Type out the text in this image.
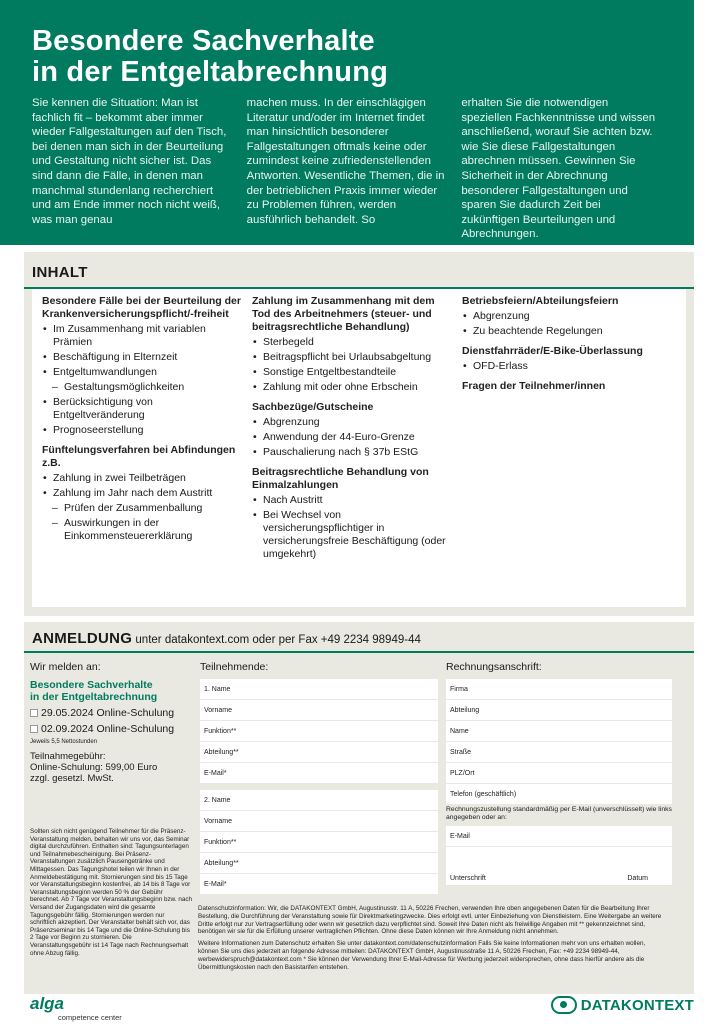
Besondere Sachverhalte
in der Entgeltabrechnung

Sie kennen die Situation: Man ist fachlich fit – bekommt aber immer wieder Fallgestaltungen auf den Tisch, bei denen man sich in der Beurteilung und Gestaltung nicht sicher ist. Das sind dann die Fälle, in denen man manchmal stundenlang recherchiert und am Ende immer noch nicht weiß, was man genau

machen muss. In der einschlägigen Literatur und/oder im Internet findet man hinsichtlich besonderer Fallgestaltungen oftmals keine oder zumindest keine zufriedenstellenden Antworten. Wesentliche Themen, die in der betrieblichen Praxis immer wieder zu Problemen führen, werden ausführlich behandelt. So

erhalten Sie die notwendigen speziellen Fachkenntnisse und wissen anschließend, worauf Sie achten bzw. wie Sie diese Fallgestaltungen abrechnen müssen. Gewinnen Sie Sicherheit in der Abrechnung besonderer Fallgestaltungen und sparen Sie dadurch Zeit bei zukünftigen Beurteilungen und Abrechnungen.

INHALT
Besondere Fälle bei der Beurteilung der Krankenversicherungspflicht/-freiheit
• Im Zusammenhang mit variablen Prämien
• Beschäftigung in Elternzeit
• Entgeltumwandlungen
– Gestaltungsmöglichkeiten
• Berücksichtigung von Entgeltveränderung
• Prognoseerstellung
Fünftelungsverfahren bei Abfindungen z.B.
• Zahlung in zwei Teilbeträgen
• Zahlung im Jahr nach dem Austritt
– Prüfen der Zusammenballung
– Auswirkungen in der Einkommensteuererklärung
Zahlung im Zusammenhang mit dem Tod des Arbeitnehmers (steuer- und beitragsrechtliche Behandlung)
• Sterbegeld
• Beitragspflicht bei Urlaubsabgeltung
• Sonstige Entgeltbestandteile
• Zahlung mit oder ohne Erbschein
Sachbezüge/Gutscheine
• Abgrenzung
• Anwendung der 44-Euro-Grenze
• Pauschalierung nach § 37b EStG
Beitragsrechtliche Behandlung von Einmalzahlungen
• Nach Austritt
• Bei Wechsel von versicherungspflichtiger in versicherungsfreie Beschäftigung (oder umgekehrt)
Betriebsfeiern/Abteilungsfeiern
• Abgrenzung
• Zu beachtende Regelungen
Dienstfahrräder/E-Bike-Überlassung
• OFD-Erlass
Fragen der Teilnehmer/innen
ANMELDUNG unter datakontext.com oder per Fax +49 2234 98949-44
Wir melden an:
Besondere Sachverhalte
in der Entgeltabrechnung
29.05.2024 Online-Schulung
02.09.2024 Online-Schulung
Jeweils 5,5 Nettostunden
Teilnahmegebühr:
Online-Schulung: 599,00 Euro
zzgl. gesetzl. MwSt.
Sollten sich nicht genügend Teilnehmer für die Präsenz-Veranstaltung melden, behalten wir uns vor, das Seminar digital durchzuführen. Enthalten sind: Tagungsunterlagen und Teilnahmebescheinigung. Bei Präsenz-Veranstaltungen zusätzlich Pausengetränke und Mittagessen. Das Tagungshotel teilen wir Ihnen in der Anmeldebestätigung mit. Stornierungen sind bis 15 Tage vor Veranstaltungsbeginn kostenfrei, ab 14 bis 8 Tage vor Veranstaltungsbeginn werden 50 % der Gebühr berechnet. Ab 7 Tage vor Veranstaltungsbeginn bzw. nach Versand der Zugangsdaten wird die gesamte Tagungsgebühr fällig. Stornierungen werden nur schriftlich akzeptiert. Der Veranstalter behält sich vor, das Präsenzseminar bis 14 Tage und die Online-Schulung bis 2 Tage vor Beginn zu stornieren. Die Veranstaltungsgebühr ist 14 Tage nach Rechnungserhalt ohne Abzug fällig.
Teilnehmende:
1. Name
Vorname
Funktion**
Abteilung**
E-Mail*
2. Name
Vorname
Funktion**
Abteilung**
E-Mail*
Rechnungsanschrift:
Firma
Abteilung
Name
Straße
PLZ/Ort
Telefon (geschäftlich)
Rechnungszustellung standardmäßig per E-Mail (unverschlüsselt) wie links angegeben oder an:
E-Mail
Unterschrift	Datum

Datenschutzinformation: Wir, die DATAKONTEXT GmbH, Augustinusstr. 11 A, 50226 Frechen, verwenden Ihre oben angegebenen Daten für die Bearbeitung Ihrer Bestellung, die Durchführung der Veranstaltung sowie für Direktmarketingzwecke. Dies erfolgt evtl. unter Einbeziehung von Dienstleistern. Eine Weitergabe an weitere Dritte erfolgt nur zur Vertragserfüllung oder wenn wir gesetzlich dazu verpflichtet sind. Soweit Ihre Daten nicht als freiwillige Angaben mit ** gekennzeichnet sind, benötigen wir sie für die Erfüllung unserer vertraglichen Pflichten. Ohne diese Daten können wir Ihre Anmeldung nicht annehmen.

Weitere Informationen zum Datenschutz erhalten Sie unter datakontext.com/datenschutzinformation Falls Sie keine Informationen mehr von uns erhalten wollen, können Sie uns dies jederzeit an folgende Adresse mitteilen: DATAKONTEXT GmbH, Augustinusstraße 11 A, 50226 Frechen, Fax: +49 2234 98949-44, werbewiderspruch@datakontext.com * Sie können der Verwendung Ihrer E-Mail-Adresse für Werbung jederzeit widersprechen, ohne dass hierfür andere als die Übermittlungskosten nach den Basistarifen entstehen.

alga
competence center
DATAKONTEXT
